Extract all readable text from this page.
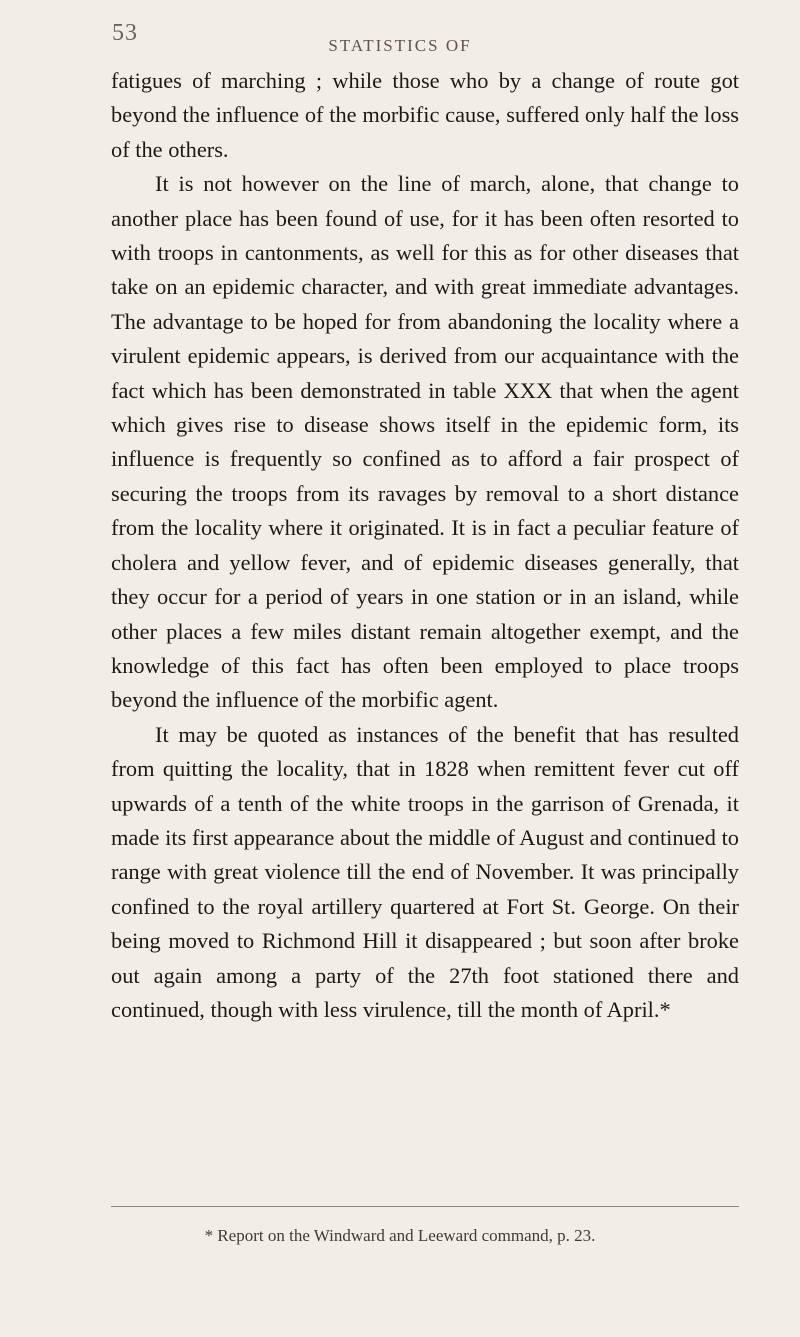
53	STATISTICS OF

fatigues of marching ; while those who by a change of route got beyond the influence of the morbific cause, suffered only half the loss of the others.

It is not however on the line of march, alone, that change to another place has been found of use, for it has been often resorted to with troops in cantonments, as well for this as for other diseases that take on an epidemic character, and with great immediate advantages. The advantage to be hoped for from abandoning the locality where a virulent epidemic appears, is derived from our acquaintance with the fact which has been demonstrated in table XXX that when the agent which gives rise to disease shows itself in the epidemic form, its influence is frequently so confined as to afford a fair prospect of securing the troops from its ravages by removal to a short distance from the locality where it originated. It is in fact a peculiar feature of cholera and yellow fever, and of epidemic diseases generally, that they occur for a period of years in one station or in an island, while other places a few miles distant remain altogether exempt, and the knowledge of this fact has often been employed to place troops beyond the influence of the morbific agent.

It may be quoted as instances of the benefit that has resulted from quitting the locality, that in 1828 when remittent fever cut off upwards of a tenth of the white troops in the garrison of Grenada, it made its first appearance about the middle of August and continued to range with great violence till the end of November. It was principally confined to the royal artillery quartered at Fort St. George. On their being moved to Richmond Hill it disappeared ; but soon after broke out again among a party of the 27th foot stationed there and continued, though with less virulence, till the month of April.*

* Report on the Windward and Leeward command, p. 23.
